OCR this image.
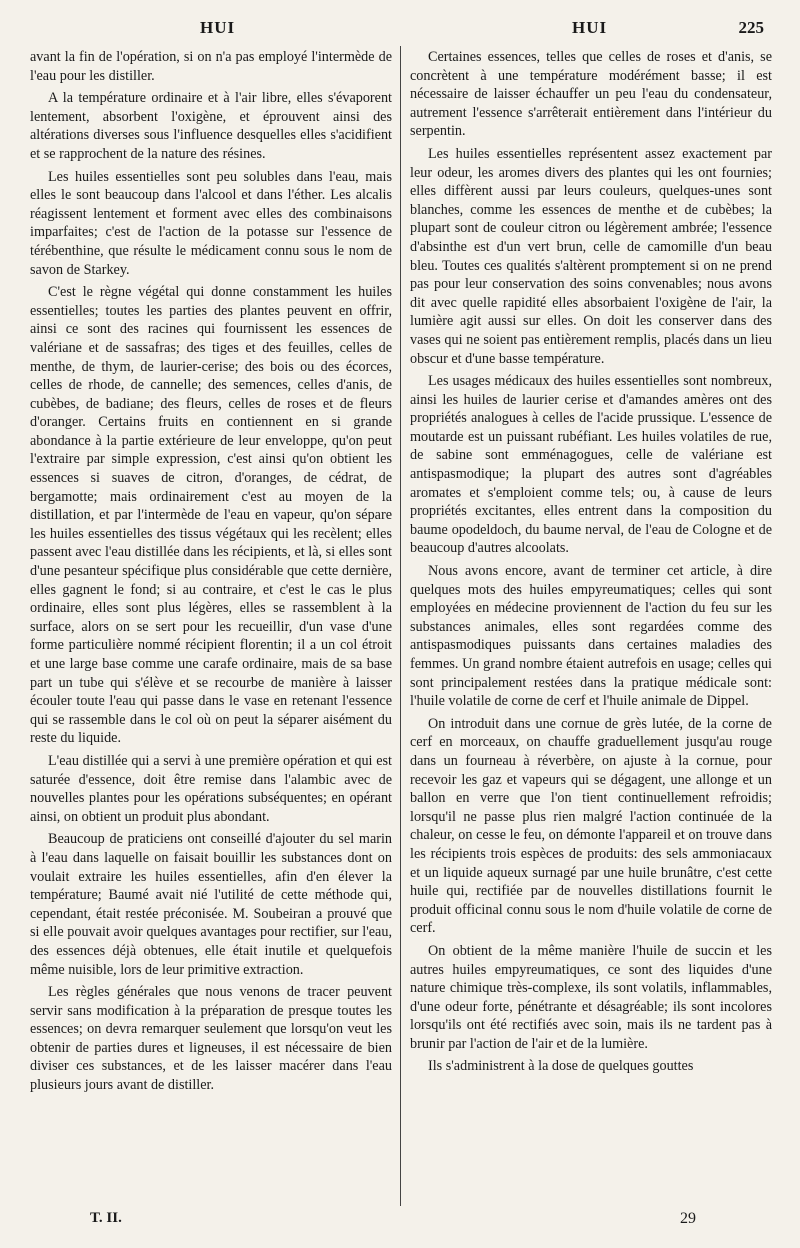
HUI	HUI	225

avant la fin de l'opération, si on n'a pas employé l'intermède de l'eau pour les distiller.

A la température ordinaire et à l'air libre, elles s'évaporent lentement, absorbent l'oxigène, et éprouvent ainsi des altérations diverses sous l'influence desquelles elles s'acidifient et se rapprochent de la nature des résines.

Les huiles essentielles sont peu solubles dans l'eau, mais elles le sont beaucoup dans l'alcool et dans l'éther. Les alcalis réagissent lentement et forment avec elles des combinaisons imparfaites; c'est de l'action de la potasse sur l'essence de térébenthine, que résulte le médicament connu sous le nom de savon de Starkey.

C'est le règne végétal qui donne constamment les huiles essentielles; toutes les parties des plantes peuvent en offrir, ainsi ce sont des racines qui fournissent les essences de valériane et de sassafras; des tiges et des feuilles, celles de menthe, de thym, de laurier-cerise; des bois ou des écorces, celles de rhode, de cannelle; des semences, celles d'anis, de cubèbes, de badiane; des fleurs, celles de roses et de fleurs d'oranger. Certains fruits en contiennent en si grande abondance à la partie extérieure de leur enveloppe, qu'on peut l'extraire par simple expression, c'est ainsi qu'on obtient les essences si suaves de citron, d'oranges, de cédrat, de bergamotte; mais ordinairement c'est au moyen de la distillation, et par l'intermède de l'eau en vapeur, qu'on sépare les huiles essentielles des tissus végétaux qui les recèlent; elles passent avec l'eau distillée dans les récipients, et là, si elles sont d'une pesanteur spécifique plus considérable que cette dernière, elles gagnent le fond; si au contraire, et c'est le cas le plus ordinaire, elles sont plus légères, elles se rassemblent à la surface, alors on se sert pour les recueillir, d'un vase d'une forme particulière nommé récipient florentin; il a un col étroit et une large base comme une carafe ordinaire, mais de sa base part un tube qui s'élève et se recourbe de manière à laisser écouler toute l'eau qui passe dans le vase en retenant l'essence qui se rassemble dans le col où on peut la séparer aisément du reste du liquide.

L'eau distillée qui a servi à une première opération et qui est saturée d'essence, doit être remise dans l'alambic avec de nouvelles plantes pour les opérations subséquentes; en opérant ainsi, on obtient un produit plus abondant.

Beaucoup de praticiens ont conseillé d'ajouter du sel marin à l'eau dans laquelle on faisait bouillir les substances dont on voulait extraire les huiles essentielles, afin d'en élever la température; Baumé avait nié l'utilité de cette méthode qui, cependant, était restée préconisée. M. Soubeiran a prouvé que si elle pouvait avoir quelques avantages pour rectifier, sur l'eau, des essences déjà obtenues, elle était inutile et quelquefois même nuisible, lors de leur primitive extraction.

Les règles générales que nous venons de tracer peuvent servir sans modification à la préparation de presque toutes les essences; on devra remarquer seulement que lorsqu'on veut les obtenir de parties dures et ligneuses, il est nécessaire de bien diviser ces substances, et de les laisser macérer dans l'eau plusieurs jours avant de distiller.

Certaines essences, telles que celles de roses et d'anis, se concrètent à une température modérément basse; il est nécessaire de laisser échauffer un peu l'eau du condensateur, autrement l'essence s'arrêterait entièrement dans l'intérieur du serpentin.

Les huiles essentielles représentent assez exactement par leur odeur, les aromes divers des plantes qui les ont fournies; elles diffèrent aussi par leurs couleurs, quelques-unes sont blanches, comme les essences de menthe et de cubèbes; la plupart sont de couleur citron ou légèrement ambrée; l'essence d'absinthe est d'un vert brun, celle de camomille d'un beau bleu. Toutes ces qualités s'altèrent promptement si on ne prend pas pour leur conservation des soins convenables; nous avons dit avec quelle rapidité elles absorbaient l'oxigène de l'air, la lumière agit aussi sur elles. On doit les conserver dans des vases qui ne soient pas entièrement remplis, placés dans un lieu obscur et d'une basse température.

Les usages médicaux des huiles essentielles sont nombreux, ainsi les huiles de laurier cerise et d'amandes amères ont des propriétés analogues à celles de l'acide prussique. L'essence de moutarde est un puissant rubéfiant. Les huiles volatiles de rue, de sabine sont emménagogues, celle de valériane est antispasmodique; la plupart des autres sont d'agréables aromates et s'emploient comme tels; ou, à cause de leurs propriétés excitantes, elles entrent dans la composition du baume opodeldoch, du baume nerval, de l'eau de Cologne et de beaucoup d'autres alcoolats.

Nous avons encore, avant de terminer cet article, à dire quelques mots des huiles empyreumatiques; celles qui sont employées en médecine proviennent de l'action du feu sur les substances animales, elles sont regardées comme des antispasmodiques puissants dans certaines maladies des femmes. Un grand nombre étaient autrefois en usage; celles qui sont principalement restées dans la pratique médicale sont: l'huile volatile de corne de cerf et l'huile animale de Dippel.

On introduit dans une cornue de grès lutée, de la corne de cerf en morceaux, on chauffe graduellement jusqu'au rouge dans un fourneau à réverbère, on ajuste à la cornue, pour recevoir les gaz et vapeurs qui se dégagent, une allonge et un ballon en verre que l'on tient continuellement refroidis; lorsqu'il ne passe plus rien malgré l'action continuée de la chaleur, on cesse le feu, on démonte l'appareil et on trouve dans les récipients trois espèces de produits: des sels ammoniacaux et un liquide aqueux surnagé par une huile brunâtre, c'est cette huile qui, rectifiée par de nouvelles distillations fournit le produit officinal connu sous le nom d'huile volatile de corne de cerf.

On obtient de la même manière l'huile de succin et les autres huiles empyreumatiques, ce sont des liquides d'une nature chimique très-complexe, ils sont volatils, inflammables, d'une odeur forte, pénétrante et désagréable; ils sont incolores lorsqu'ils ont été rectifiés avec soin, mais ils ne tardent pas à brunir par l'action de l'air et de la lumière.

Ils s'administrent à la dose de quelques gouttes

T. II.	29
